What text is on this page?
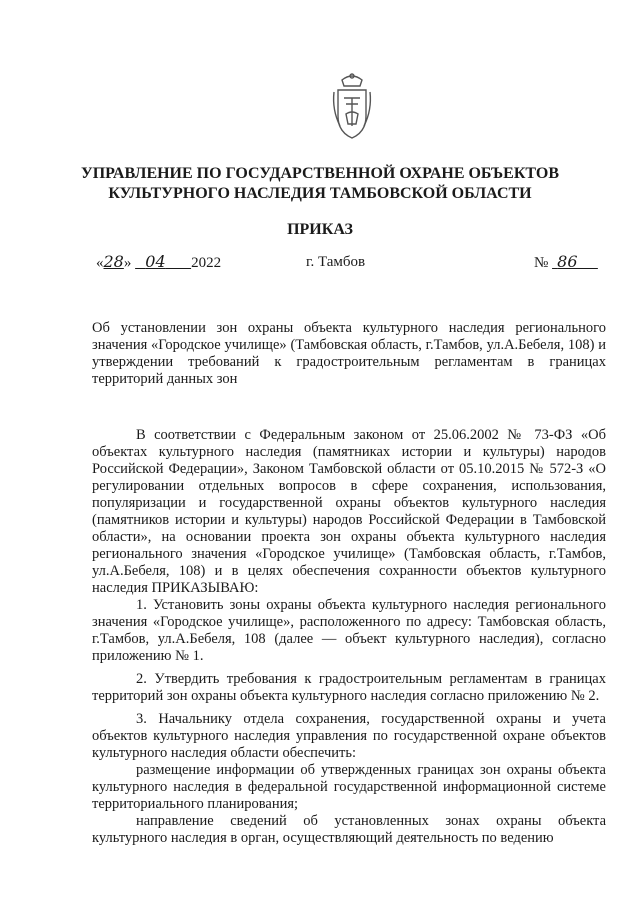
УПРАВЛЕНИЕ ПО ГОСУДАРСТВЕННОЙ ОХРАНЕ ОБЪЕКТОВ
КУЛЬТУРНОГО НАСЛЕДИЯ ТАМБОВСКОЙ ОБЛАСТИ
ПРИКАЗ
«28» 04 2022	г. Тамбов	№ 86
Об установлении зон охраны объекта культурного наследия регионального значения «Городское училище» (Тамбовская область, г.Тамбов, ул.А.Бебеля, 108) и утверждении требований к градостроительным регламентам в границах территорий данных зон

В соответствии с Федеральным законом от 25.06.2002 № 73-ФЗ «Об объектах культурного наследия (памятниках истории и культуры) народов Российской Федерации», Законом Тамбовской области от 05.10.2015 № 572-З «О регулировании отдельных вопросов в сфере сохранения, использования, популяризации и государственной охраны объектов культурного наследия (памятников истории и культуры) народов Российской Федерации в Тамбовской области», на основании проекта зон охраны объекта культурного наследия регионального значения «Городское училище» (Тамбовская область, г.Тамбов, ул.А.Бебеля, 108) и в целях обеспечения сохранности объектов культурного наследия ПРИКАЗЫВАЮ:

1. Установить зоны охраны объекта культурного наследия регионального значения «Городское училище», расположенного по адресу: Тамбовская область, г.Тамбов, ул.А.Бебеля, 108 (далее — объект культурного наследия), согласно приложению № 1.

2. Утвердить требования к градостроительным регламентам в границах территорий зон охраны объекта культурного наследия согласно приложению № 2.

3. Начальнику отдела сохранения, государственной охраны и учета объектов культурного наследия управления по государственной охране объектов культурного наследия области обеспечить:

размещение информации об утвержденных границах зон охраны объекта культурного наследия в федеральной государственной информационной системе территориального планирования;

направление сведений об установленных зонах охраны объекта культурного наследия в орган, осуществляющий деятельность по ведению
